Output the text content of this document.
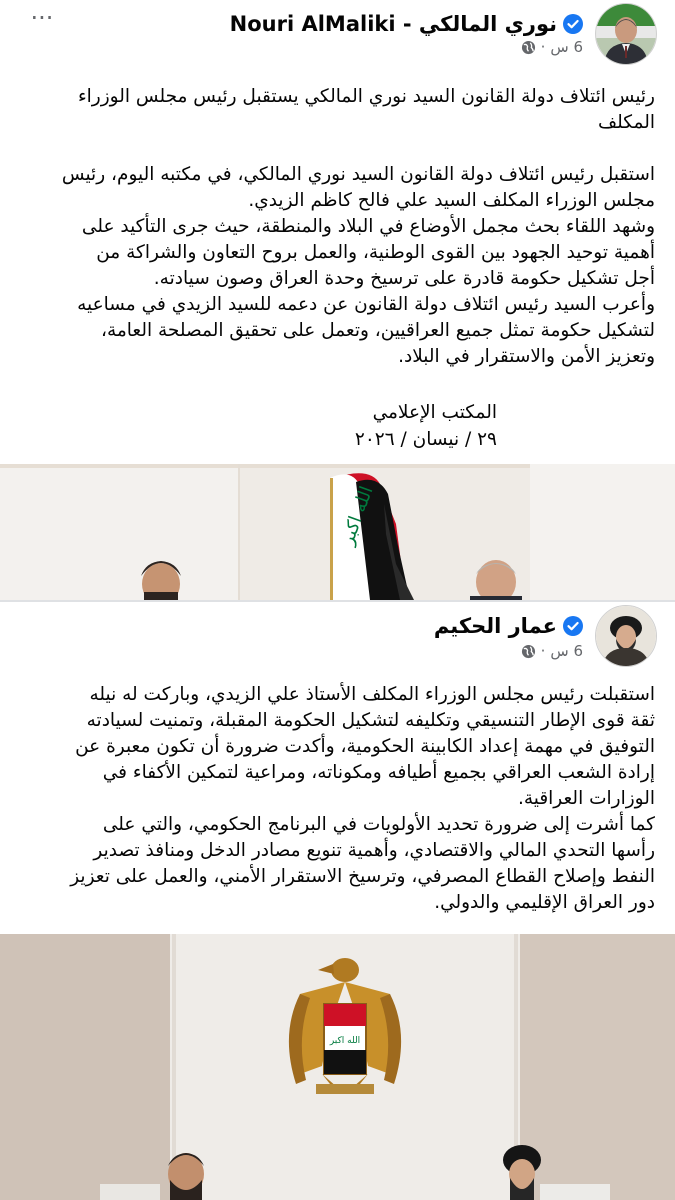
···	Nouri AlMaliki - نوري المالكي
6 س
·

رئيس ائتلاف دولة القانون السيد نوري المالكي يستقبل رئيس مجلس الوزراء

المكلف

استقبل رئيس ائتلاف دولة القانون السيد نوري المالكي، في مكتبه اليوم، رئيس

مجلس الوزراء المكلف السيد علي فالح كاظم الزيدي.

وشهد اللقاء بحث مجمل الأوضاع في البلاد والمنطقة، حيث جرى التأكيد على

أهمية توحيد الجهود بين القوى الوطنية، والعمل بروح التعاون والشراكة من

أجل تشكيل حكومة قادرة على ترسيخ وحدة العراق وصون سيادته.

وأعرب السيد رئيس ائتلاف دولة القانون عن دعمه للسيد الزيدي في مساعيه

لتشكيل حكومة تمثل جميع العراقيين، وتعمل على تحقيق المصلحة العامة،

وتعزيز الأمن والاستقرار في البلاد.

المكتب الإعلامي

٢٩ / نيسان / ٢٠٢٦

الله اكبر
عمار الحكيم
6 س
·

استقبلت رئيس مجلس الوزراء المكلف الأستاذ علي الزيدي، وباركت له نيله

ثقة قوى الإطار التنسيقي وتكليفه لتشكيل الحكومة المقبلة، وتمنيت لسيادته

التوفيق في مهمة إعداد الكابينة الحكومية، وأكدت ضرورة أن تكون معبرة عن

إرادة الشعب العراقي بجميع أطيافه ومكوناته، ومراعية لتمكين الأكفاء في

الوزارات العراقية.

كما أشرت إلى ضرورة تحديد الأولويات في البرنامج الحكومي، والتي على

رأسها التحدي المالي والاقتصادي، وأهمية تنويع مصادر الدخل ومنافذ تصدير

النفط وإصلاح القطاع المصرفي، وترسيخ الاستقرار الأمني، والعمل على تعزيز

دور العراق الإقليمي والدولي.

الله اكبر
